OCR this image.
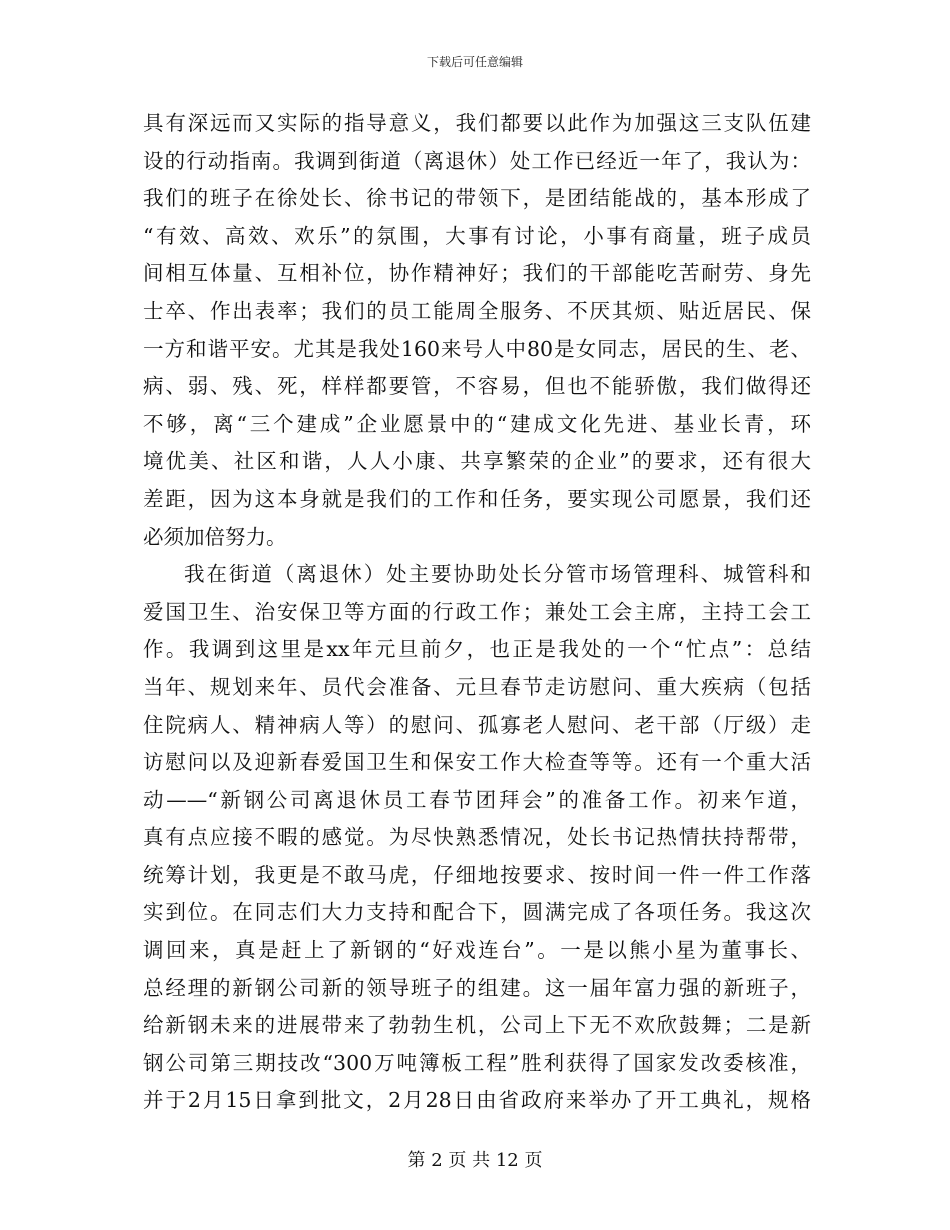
下载后可任意编辑
具有深远而又实际的指导意义，我们都要以此作为加强这三支队伍建
设的行动指南。我调到街道（离退休）处工作已经近一年了，我认为：
我们的班子在徐处长、徐书记的带领下，是团结能战的，基本形成了
“有效、高效、欢乐”的氛围，大事有讨论，小事有商量，班子成员
间相互体量、互相补位，协作精神好；我们的干部能吃苦耐劳、身先
士卒、作出表率；我们的员工能周全服务、不厌其烦、贴近居民、保
一方和谐平安。尤其是我处160来号人中80是女同志，居民的生、老、
病、弱、残、死，样样都要管，不容易，但也不能骄傲，我们做得还
不够，离“三个建成”企业愿景中的“建成文化先进、基业长青，环
境优美、社区和谐，人人小康、共享繁荣的企业”的要求，还有很大
差距，因为这本身就是我们的工作和任务，要实现公司愿景，我们还
必须加倍努力。
我在街道（离退休）处主要协助处长分管市场管理科、城管科和
爱国卫生、治安保卫等方面的行政工作；兼处工会主席，主持工会工
作。我调到这里是xx年元旦前夕，也正是我处的一个“忙点”：总结
当年、规划来年、员代会准备、元旦春节走访慰问、重大疾病（包括
住院病人、精神病人等）的慰问、孤寡老人慰问、老干部（厅级）走
访慰问以及迎新春爱国卫生和保安工作大检查等等。还有一个重大活
动——“新钢公司离退休员工春节团拜会”的准备工作。初来乍道，
真有点应接不暇的感觉。为尽快熟悉情况，处长书记热情扶持帮带，
统筹计划，我更是不敢马虎，仔细地按要求、按时间一件一件工作落
实到位。在同志们大力支持和配合下，圆满完成了各项任务。我这次
调回来，真是赶上了新钢的“好戏连台”。一是以熊小星为董事长、
总经理的新钢公司新的领导班子的组建。这一届年富力强的新班子，
给新钢未来的进展带来了勃勃生机，公司上下无不欢欣鼓舞；二是新
钢公司第三期技改“300万吨簿板工程”胜利获得了国家发改委核准，
并于2月15日拿到批文，2月28日由省政府来举办了开工典礼，规格
第 2 页 共 12 页
